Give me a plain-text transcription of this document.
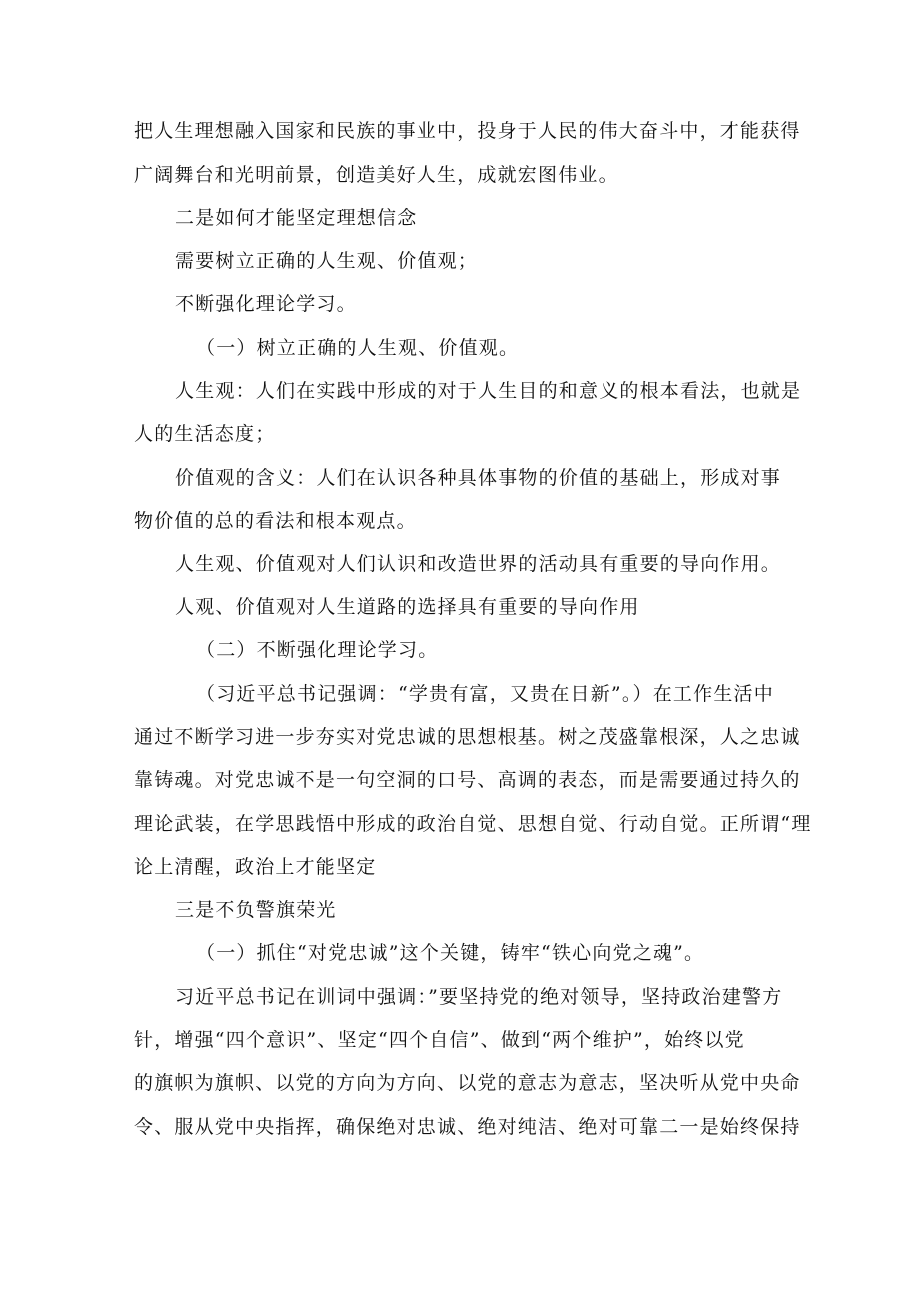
把人生理想融入国家和民族的事业中，投身于人民的伟大奋斗中，才能获得
广阔舞台和光明前景，创造美好人生，成就宏图伟业。
二是如何才能坚定理想信念
需要树立正确的人生观、价值观；
不断强化理论学习。
（一）树立正确的人生观、价值观。
人生观：人们在实践中形成的对于人生目的和意义的根本看法，也就是
人的生活态度；
价值观的含义：人们在认识各种具体事物的价值的基础上，形成对事
物价值的总的看法和根本观点。
人生观、价值观对人们认识和改造世界的活动具有重要的导向作用。
人观、价值观对人生道路的选择具有重要的导向作用
（二）不断强化理论学习。
（习近平总书记强调：“学贵有富，又贵在日新”。）在工作生活中
通过不断学习进一步夯实对党忠诚的思想根基。树之茂盛靠根深，人之忠诚
靠铸魂。对党忠诚不是一句空洞的口号、高调的表态，而是需要通过持久的
理论武装，在学思践悟中形成的政治自觉、思想自觉、行动自觉。正所谓“理
论上清醒，政治上才能坚定
三是不负警旗荣光
（一）抓住“对党忠诚”这个关键，铸牢“铁心向党之魂”。
习近平总书记在训词中强调：”要坚持党的绝对领导，坚持政治建警方
针，增强“四个意识”、坚定“四个自信”、做到“两个维护”，始终以党
的旗帜为旗帜、以党的方向为方向、以党的意志为意志，坚决听从党中央命
令、服从党中央指挥，确保绝对忠诚、绝对纯洁、绝对可靠二一是始终保持
